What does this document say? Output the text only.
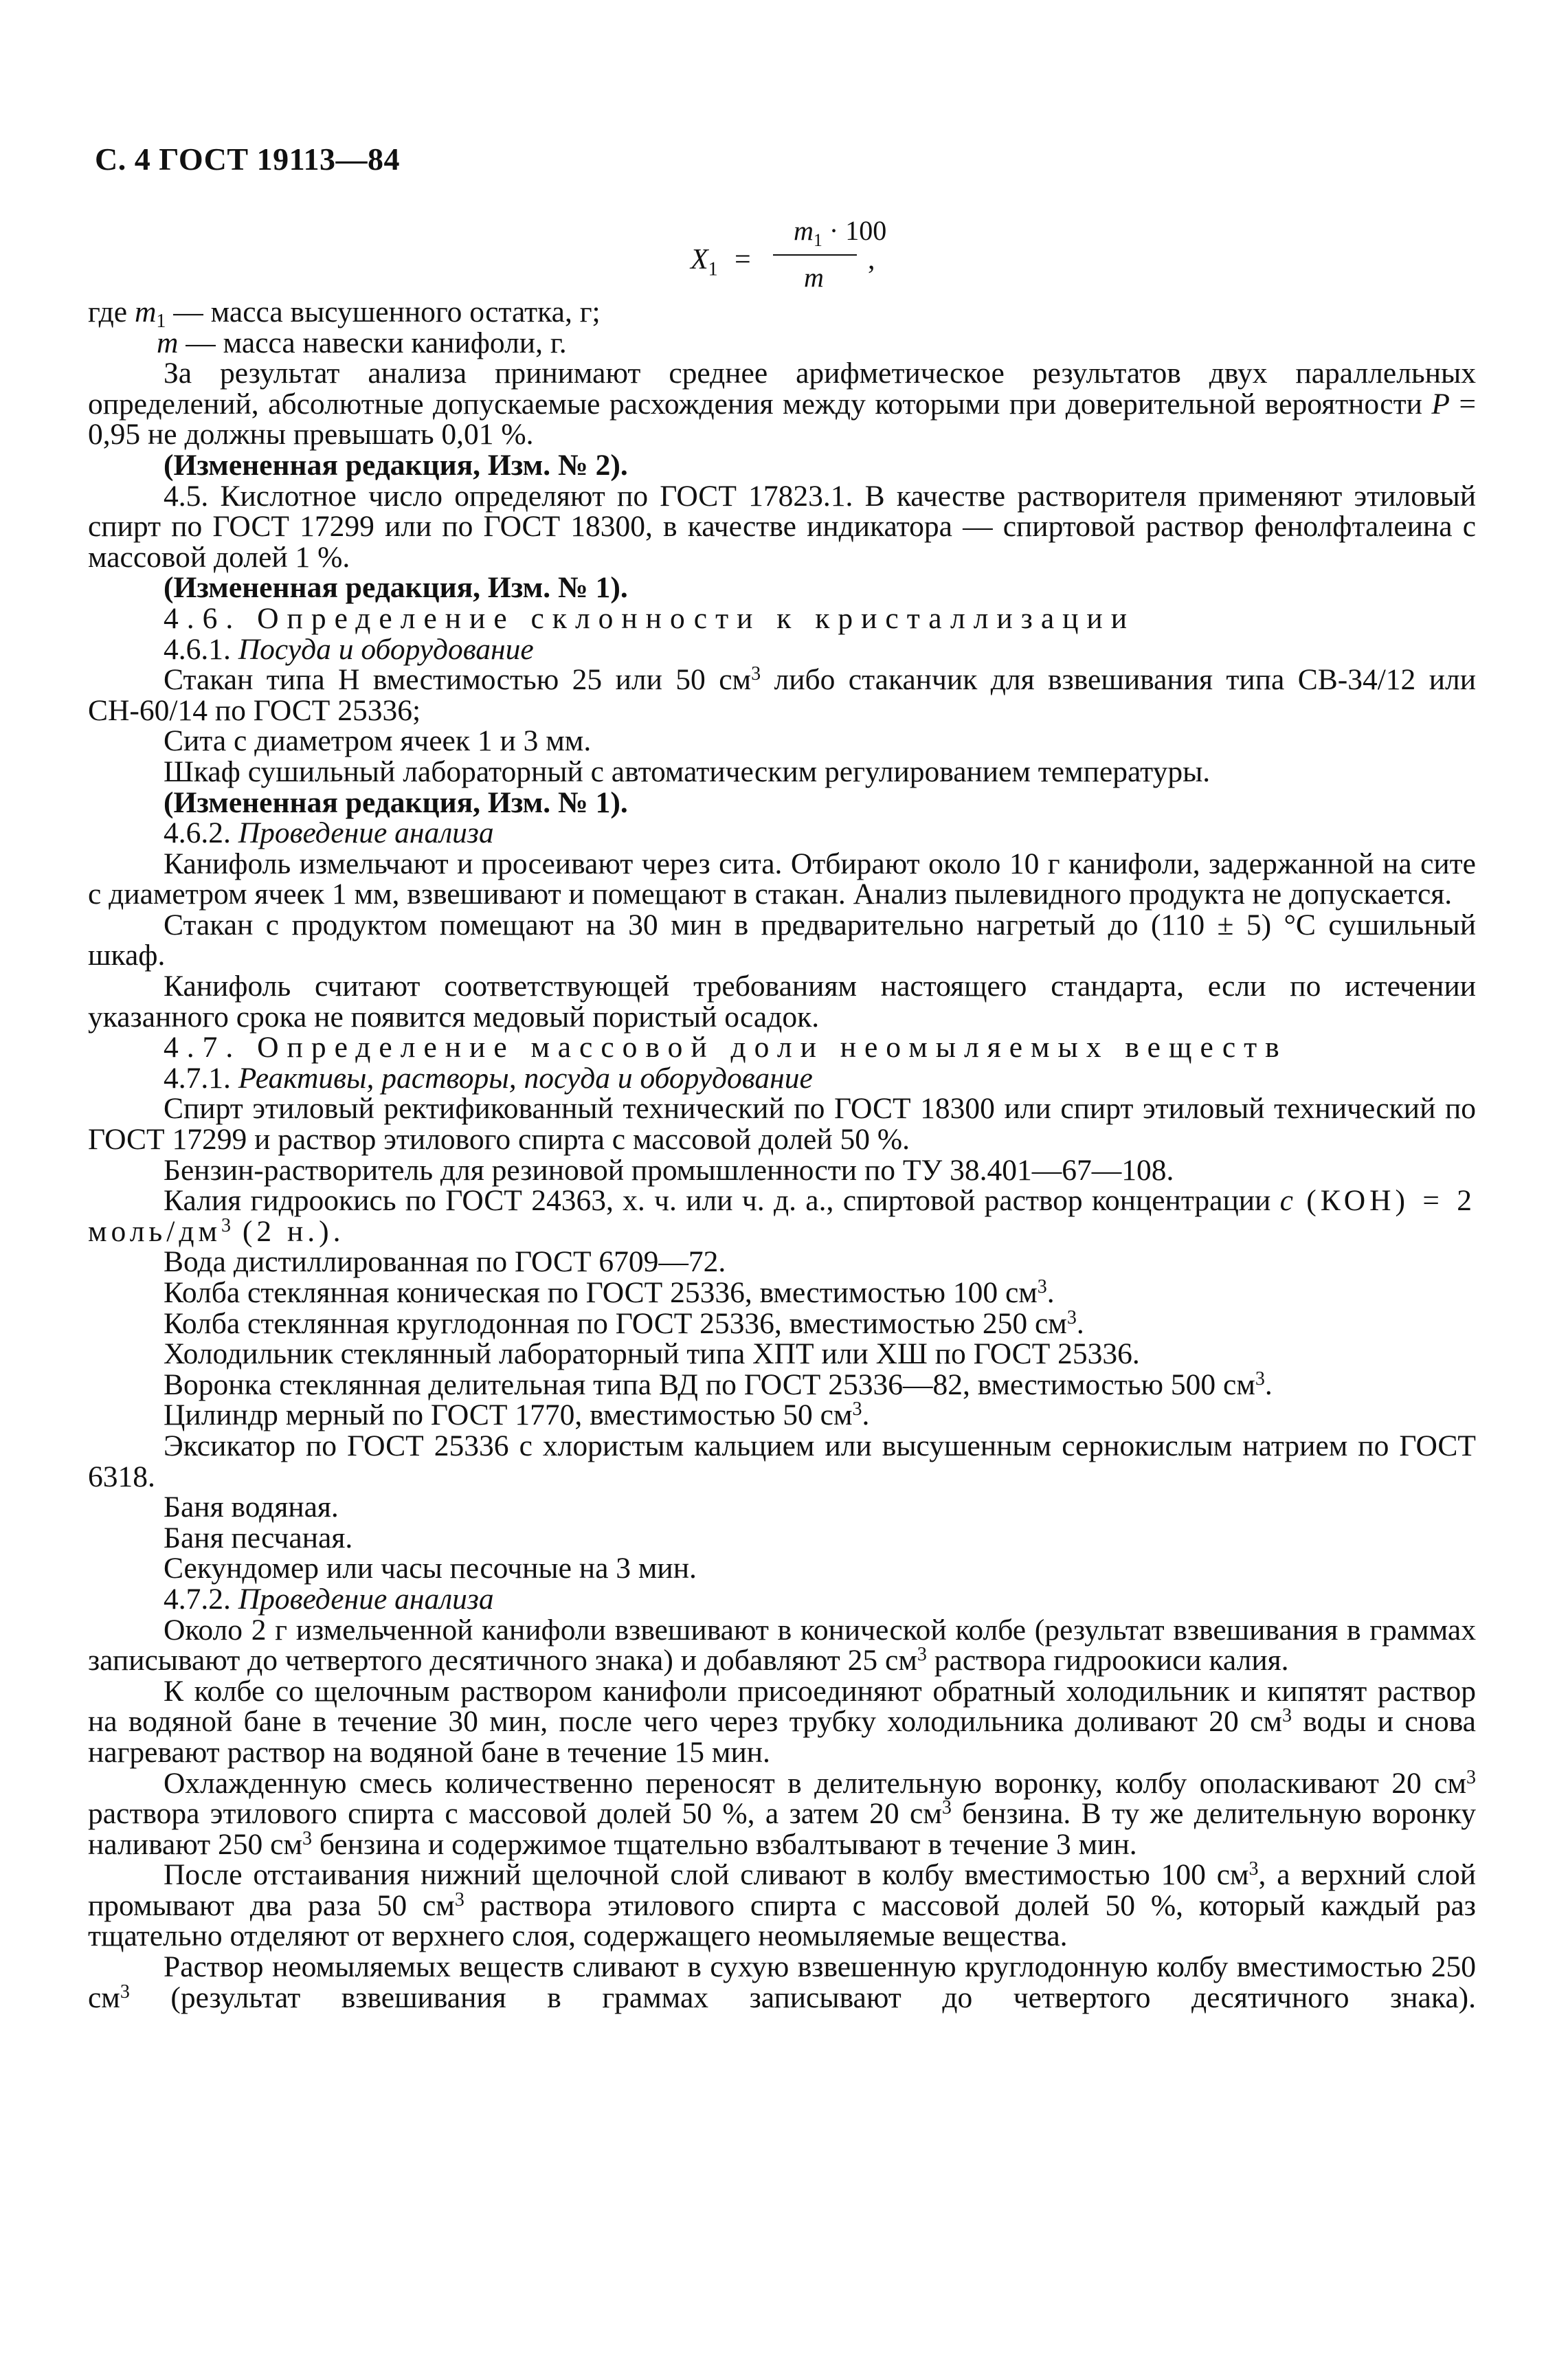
С. 4 ГОСТ 19113—84
$X_1$ =
$m_1 \cdot 100$
m
,

где $m_1$ — масса высушенного остатка, г;

m — масса навески канифоли, г.

За результат анализа принимают среднее арифметическое результатов двух параллельных определений, абсолютные допускаемые расхождения между которыми при доверительной вероятности Р = 0,95 не должны превышать 0,01 %.

(Измененная редакция, Изм. № 2).

4.5. Кислотное число определяют по ГОСТ 17823.1. В качестве растворителя применяют этиловый спирт по ГОСТ 17299 или по ГОСТ 18300, в качестве индикатора — спиртовой раствор фенолфталеина с массовой долей 1 %.

(Измененная редакция, Изм. № 1).

4.6. Определение склонности к кристаллизации

4.6.1. Посуда и оборудование

Стакан типа Н вместимостью 25 или 50 $см^3$ либо стаканчик для взвешивания типа СВ-34/12 или СН-60/14 по ГОСТ 25336;

Сита с диаметром ячеек 1 и 3 мм.

Шкаф сушильный лабораторный с автоматическим регулированием температуры.

(Измененная редакция, Изм. № 1).

4.6.2. Проведение анализа

Канифоль измельчают и просеивают через сита. Отбирают около 10 г канифоли, задержанной на сите с диаметром ячеек 1 мм, взвешивают и помещают в стакан. Анализ пылевидного продукта не допускается.

Стакан с продуктом помещают на 30 мин в предварительно нагретый до (110 ± 5) °С сушильный шкаф.

Канифоль считают соответствующей требованиям настоящего стандарта, если по истечении указанного срока не появится медовый пористый осадок.

4.7. Определение массовой доли неомыляемых веществ

4.7.1. Реактивы, растворы, посуда и оборудование

Спирт этиловый ректификованный технический по ГОСТ 18300 или спирт этиловый технический по ГОСТ 17299 и раствор этилового спирта с массовой долей 50 %.

Бензин-растворитель для резиновой промышленности по ТУ 38.401—67—108.

Калия гидроокись по ГОСТ 24363, х. ч. или ч. д. а., спиртовой раствор концентрации с (КОН) = 2 моль/$дм^3$ (2 н.).

Вода дистиллированная по ГОСТ 6709—72.

Колба стеклянная коническая по ГОСТ 25336, вместимостью 100 $см^3$.

Колба стеклянная круглодонная по ГОСТ 25336, вместимостью 250 $см^3$.

Холодильник стеклянный лабораторный типа ХПТ или ХШ по ГОСТ 25336.

Воронка стеклянная делительная типа ВД по ГОСТ 25336—82, вместимостью 500 $см^3$.

Цилиндр мерный по ГОСТ 1770, вместимостью 50 $см^3$.

Эксикатор по ГОСТ 25336 с хлористым кальцием или высушенным сернокислым натрием по ГОСТ 6318.

Баня водяная.

Баня песчаная.

Секундомер или часы песочные на 3 мин.

4.7.2. Проведение анализа

Около 2 г измельченной канифоли взвешивают в конической колбе (результат взвешивания в граммах записывают до четвертого десятичного знака) и добавляют 25 $см^3$ раствора гидроокиси калия.

К колбе со щелочным раствором канифоли присоединяют обратный холодильник и кипятят раствор на водяной бане в течение 30 мин, после чего через трубку холодильника доливают 20 $см^3$ воды и снова нагревают раствор на водяной бане в течение 15 мин.

Охлажденную смесь количественно переносят в делительную воронку, колбу ополаскивают 20 $см^3$ раствора этилового спирта с массовой долей 50 %, а затем 20 $см^3$ бензина. В ту же делительную воронку наливают 250 $см^3$ бензина и содержимое тщательно взбалтывают в течение 3 мин.

После отстаивания нижний щелочной слой сливают в колбу вместимостью 100 $см^3$, а верхний слой промывают два раза 50 $см^3$ раствора этилового спирта с массовой долей 50 %, который каждый раз тщательно отделяют от верхнего слоя, содержащего неомыляемые вещества.

Раствор неомыляемых веществ сливают в сухую взвешенную круглодонную колбу вместимостью 250 $см^3$ (результат взвешивания в граммах записывают до четвертого десятичного знака).
